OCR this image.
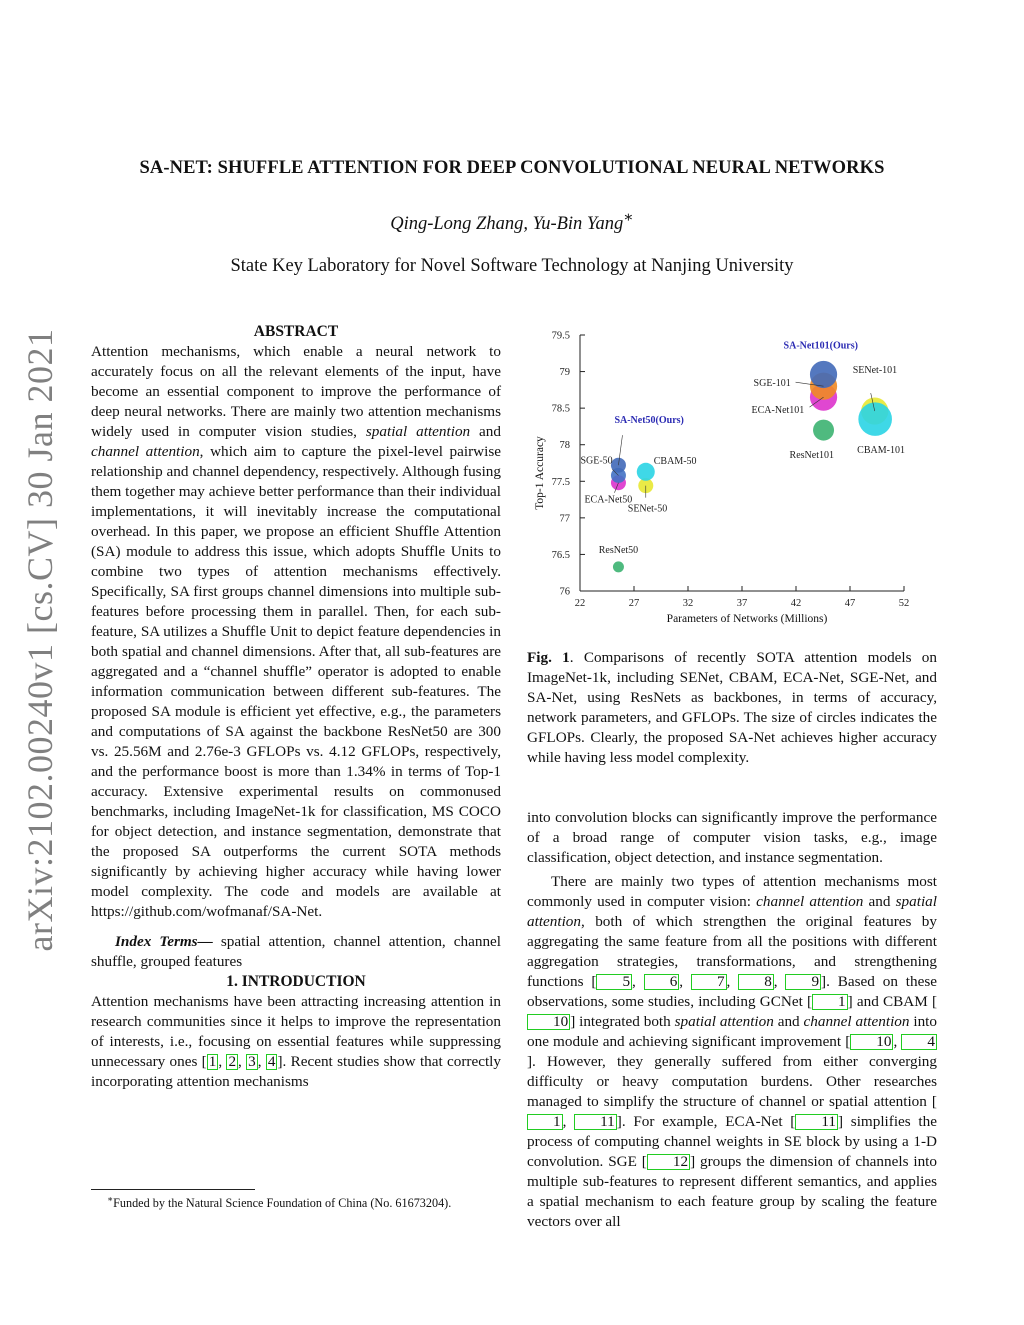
arXiv:2102.00240v1 [cs.CV] 30 Jan 2021
SA-NET: SHUFFLE ATTENTION FOR DEEP CONVOLUTIONAL NEURAL NETWORKS
Qing-Long Zhang, Yu-Bin Yang∗
State Key Laboratory for Novel Software Technology at Nanjing University

ABSTRACT

Attention mechanisms, which enable a neural network to accurately focus on all the relevant elements of the input, have become an essential component to improve the performance of deep neural networks. There are mainly two attention mechanisms widely used in computer vision studies, spatial attention and channel attention, which aim to capture the pixel-level pairwise relationship and channel dependency, respectively. Although fusing them together may achieve better performance than their individual implementations, it will inevitably increase the computational overhead. In this paper, we propose an efficient Shuffle Attention (SA) module to address this issue, which adopts Shuffle Units to combine two types of attention mechanisms effectively. Specifically, SA first groups channel dimensions into multiple sub-features before processing them in parallel. Then, for each sub-feature, SA utilizes a Shuffle Unit to depict feature dependencies in both spatial and channel dimensions. After that, all sub-features are aggregated and a “channel shuffle” operator is adopted to enable information communication between different sub-features. The proposed SA module is efficient yet effective, e.g., the parameters and computations of SA against the backbone ResNet50 are 300 vs. 25.56M and 2.76e-3 GFLOPs vs. 4.12 GFLOPs, respectively, and the performance boost is more than 1.34% in terms of Top-1 accuracy. Extensive experimental results on commonused benchmarks, including ImageNet-1k for classification, MS COCO for object detection, and instance segmentation, demonstrate that the proposed SA outperforms the current SOTA methods significantly by achieving higher accuracy while having lower model complexity. The code and models are available at https://github.com/wofmanaf/SA-Net.

Index Terms— spatial attention, channel attention, channel shuffle, grouped features

1. INTRODUCTION

Attention mechanisms have been attracting increasing attention in research communities since it helps to improve the representation of interests, i.e., focusing on essential features while suppressing unnecessary ones [ 1 , 2 , 3 , 4 ]. Recent studies show that correctly incorporating attention mechanisms

∗Funded by the Natural Science Foundation of China (No. 61673204).
76
76.5
77
77.5
78
78.5
79
79.5
22	27	32	37	42	47	52
Parameters of Networks (Millions)
Top-1 Accuracy
ResNet50
SGE-50
SA-Net50(Ours)
ECA-Net50
CBAM-50
SENet-50
ResNet101
SA-Net101(Ours)
SGE-101
ECA-Net101
SENet-101
CBAM-101
Fig. 1. Comparisons of recently SOTA attention models on ImageNet-1k, including SENet, CBAM, ECA-Net, SGE-Net, and SA-Net, using ResNets as backbones, in terms of accuracy, network parameters, and GFLOPs. The size of circles indicates the GFLOPs. Clearly, the proposed SA-Net achieves higher accuracy while having less model complexity.

into convolution blocks can significantly improve the performance of a broad range of computer vision tasks, e.g., image classification, object detection, and instance segmentation.

There are mainly two types of attention mechanisms most commonly used in computer vision: channel attention and spatial attention, both of which strengthen the original features by aggregating the same feature from all the positions with different aggregation strategies, transformations, and strengthening functions [ 5 , 6 , 7 , 8 , 9 ]. Based on these observations, some studies, including GCNet [ 1 ] and CBAM [10 ] integrated both spatial attention and channel attention into one module and achieving significant improvement [ 10 , 4]. However, they generally suffered from either converging difficulty or heavy computation burdens. Other researches managed to simplify the structure of channel or spatial attention [1 , 11 ]. For example, ECA-Net [ 11 ] simplifies the process of computing channel weights in SE block by using a 1-D convolution. SGE [ 12 ] groups the dimension of channels into multiple sub-features to represent different semantics, and applies a spatial mechanism to each feature group by scaling the feature vectors over all
